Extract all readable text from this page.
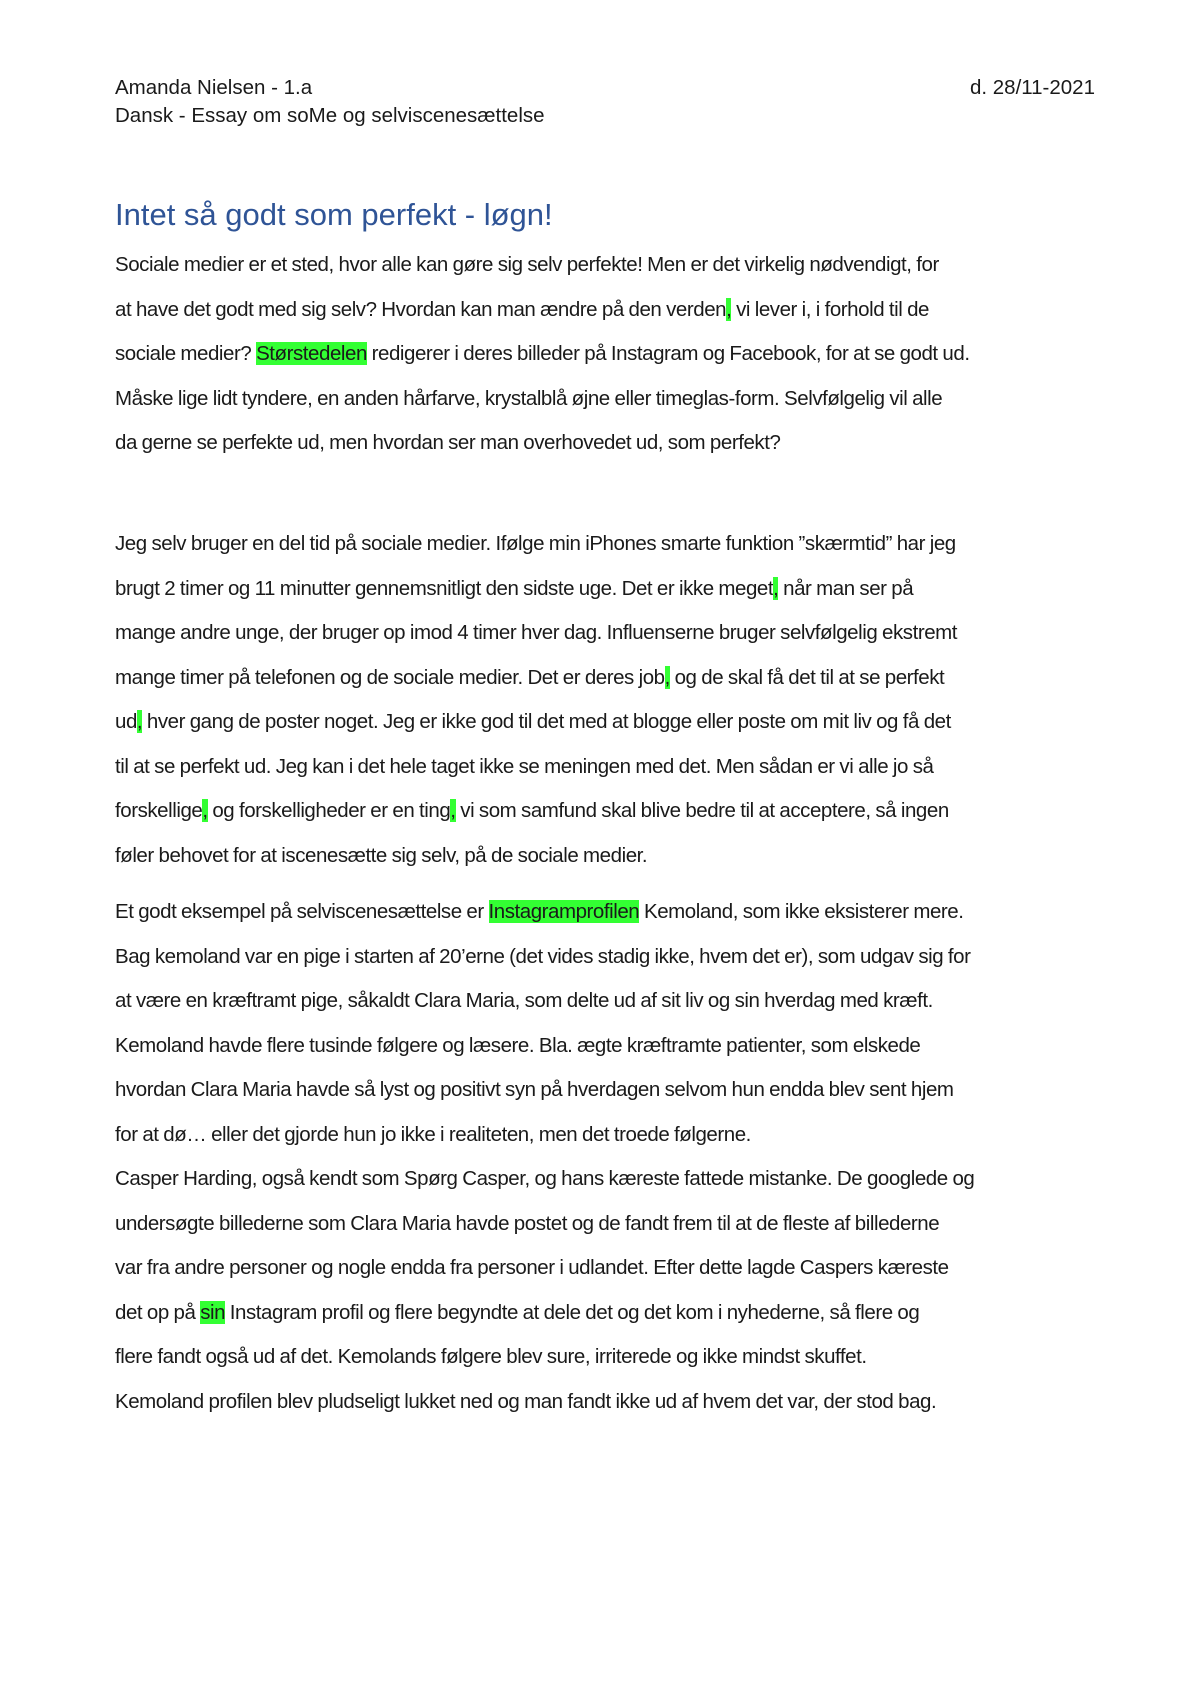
Amanda Nielsen - 1.a	d. 28/11-2021
Dansk - Essay om soMe og selviscenesættelse
Intet så godt som perfekt - løgn!

Sociale medier er et sted, hvor alle kan gøre sig selv perfekte! Men er det virkelig nødvendigt, for
at have det godt med sig selv? Hvordan kan man ændre på den verden, vi lever i, i forhold til de
sociale medier? Størstedelen redigerer i deres billeder på Instagram og Facebook, for at se godt ud.
Måske lige lidt tyndere, en anden hårfarve, krystalblå øjne eller timeglas-form. Selvfølgelig vil alle
da gerne se perfekte ud, men hvordan ser man overhovedet ud, som perfekt?

Jeg selv bruger en del tid på sociale medier. Ifølge min iPhones smarte funktion ”skærmtid” har jeg
brugt 2 timer og 11 minutter gennemsnitligt den sidste uge. Det er ikke meget, når man ser på
mange andre unge, der bruger op imod 4 timer hver dag. Influenserne bruger selvfølgelig ekstremt
mange timer på telefonen og de sociale medier. Det er deres job, og de skal få det til at se perfekt
ud, hver gang de poster noget. Jeg er ikke god til det med at blogge eller poste om mit liv og få det
til at se perfekt ud. Jeg kan i det hele taget ikke se meningen med det. Men sådan er vi alle jo så
forskellige, og forskelligheder er en ting, vi som samfund skal blive bedre til at acceptere, så ingen
føler behovet for at iscenesætte sig selv, på de sociale medier.

Et godt eksempel på selviscenesættelse er Instagramprofilen Kemoland, som ikke eksisterer mere.
Bag kemoland var en pige i starten af 20’erne (det vides stadig ikke, hvem det er), som udgav sig for
at være en kræftramt pige, såkaldt Clara Maria, som delte ud af sit liv og sin hverdag med kræft.
Kemoland havde flere tusinde følgere og læsere. Bla. ægte kræftramte patienter, som elskede
hvordan Clara Maria havde så lyst og positivt syn på hverdagen selvom hun endda blev sent hjem
for at dø… eller det gjorde hun jo ikke i realiteten, men det troede følgerne.
Casper Harding, også kendt som Spørg Casper, og hans kæreste fattede mistanke. De googlede og
undersøgte billederne som Clara Maria havde postet og de fandt frem til at de fleste af billederne
var fra andre personer og nogle endda fra personer i udlandet. Efter dette lagde Caspers kæreste
det op på sin Instagram profil og flere begyndte at dele det og det kom i nyhederne, så flere og
flere fandt også ud af det. Kemolands følgere blev sure, irriterede og ikke mindst skuffet.
Kemoland profilen blev pludseligt lukket ned og man fandt ikke ud af hvem det var, der stod bag.
